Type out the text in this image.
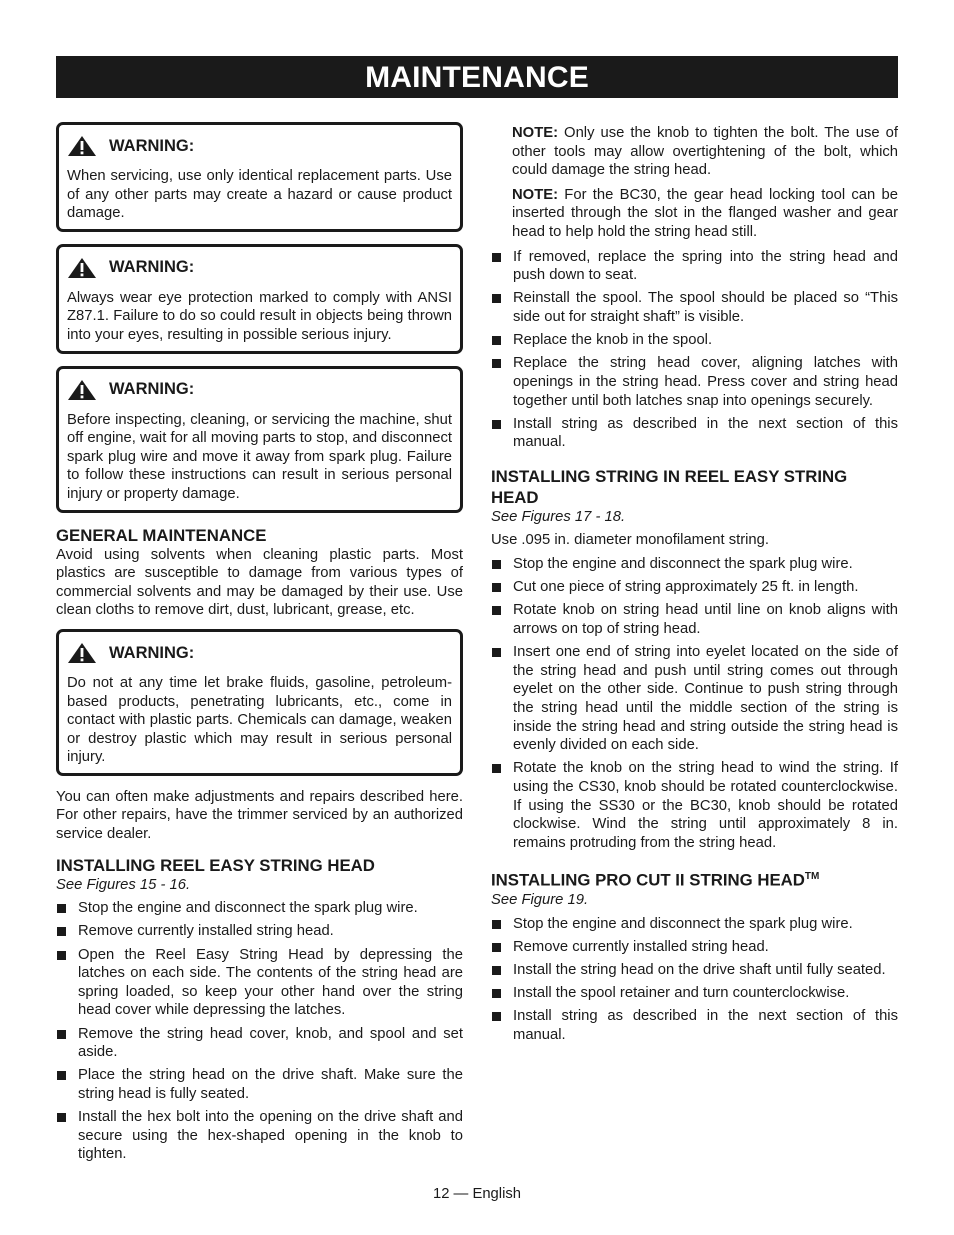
MAINTENANCE
WARNING:

When servicing, use only identical replacement parts. Use of any other parts may create a hazard or cause product damage.

WARNING:

Always wear eye protection marked to comply with ANSI Z87.1. Failure to do so could result in objects being thrown into your eyes, resulting in possible serious injury.

WARNING:

Before inspecting, cleaning, or servicing the machine, shut off engine, wait for all moving parts to stop, and disconnect spark plug wire and move it away from spark plug. Failure to follow these instructions can result in serious personal injury or property damage.

GENERAL MAINTENANCE

Avoid using solvents when cleaning plastic parts. Most plastics are susceptible to damage from various types of commercial solvents and may be damaged by their use. Use clean cloths to remove dirt, dust, lubricant, grease, etc.

WARNING:

Do not at any time let brake fluids, gasoline, petroleum-based products, penetrating lubricants, etc., come in contact with plastic parts. Chemicals can damage, weaken or destroy plastic which may result in serious personal injury.

You can often make adjustments and repairs described here. For other repairs, have the trimmer serviced by an authorized service dealer.

INSTALLING REEL EASY STRING HEAD

See Figures 15 - 16.

Stop the engine and disconnect the spark plug wire.
Remove currently installed string head.
Open the Reel Easy String Head by depressing the latches on each side. The contents of the string head are spring loaded, so keep your other hand over the string head cover while depressing the latches.
Remove the string head cover, knob, and spool and set aside.
Place the string head on the drive shaft. Make sure the string head is fully seated.
Install the hex bolt into the opening on the drive shaft and secure using the hex-shaped opening in the knob to tighten.

NOTE: Only use the knob to tighten the bolt. The use of other tools may allow overtightening of the bolt, which could damage the string head.

NOTE: For the BC30, the gear head locking tool can be inserted through the slot in the flanged washer and gear head to help hold the string head still.

If removed, replace the spring into the string head and push down to seat.
Reinstall the spool. The spool should be placed so “This side out for straight shaft” is visible.
Replace the knob in the spool.
Replace the string head cover, aligning latches with openings in the string head. Press cover and string head together until both latches snap into openings securely.
Install string as described in the next section of this manual.
INSTALLING STRING IN REEL EASY STRING HEAD

See Figures 17 - 18.

Use .095 in. diameter monofilament string.

Stop the engine and disconnect the spark plug wire.
Cut one piece of string approximately 25 ft. in length.
Rotate knob on string head until line on knob aligns with arrows on top of string head.
Insert one end of string into eyelet located on the side of the string head and push until string comes out through eyelet on the other side. Continue to push string through the string head until the middle section of the string is inside the string head and string outside the string head is evenly divided on each side.
Rotate the knob on the string head to wind the string. If using the CS30, knob should be rotated counterclockwise. If using the SS30 or the BC30, knob should be rotated clockwise. Wind the string until approximately 8 in. remains protruding from the string head.
INSTALLING PRO CUT II STRING HEAD™

See Figure 19.

Stop the engine and disconnect the spark plug wire.
Remove currently installed string head.
Install the string head on the drive shaft until fully seated.
Install the spool retainer and turn counterclockwise.
Install string as described in the next section of this manual.
12 — English
